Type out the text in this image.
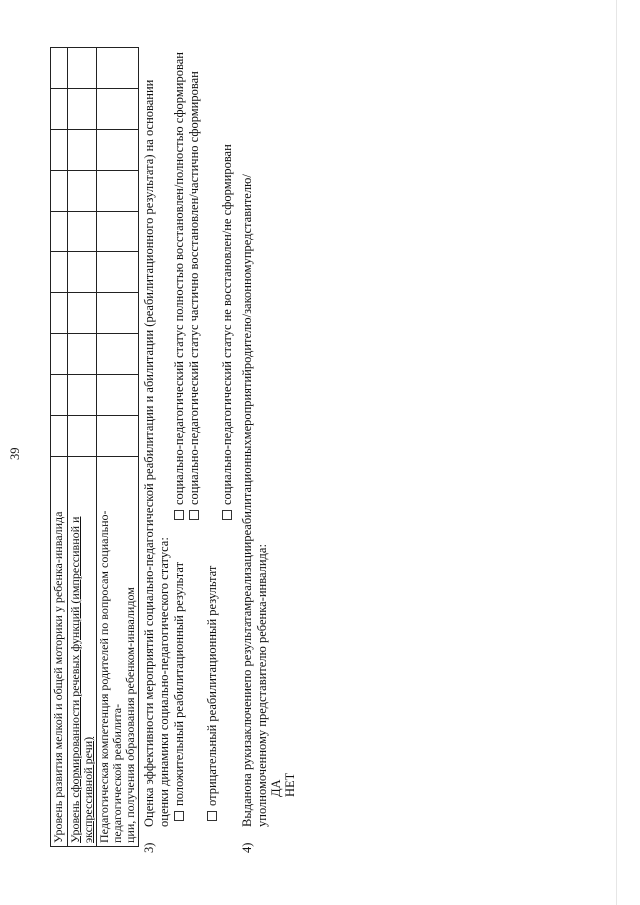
39
Уровень развития мелкой и общей моторики у ребенка-инвалида										
Уровень сформированности речевых функций (импрессивной и экспрессивной речи)										

Педагогическая компетенция родителей по вопросам социально-педагогической реабилита- ции, получения образования ребенком-инвалидом										

3)
Оценка эффективности мероприятий социально-педагогической реабилитации и абилитации (реабилитационного результата) на основании оценки динамики социально-педагогического статуса: положительный реабилитационный результат
социально-педагогический статус полностью восстановлен/полностью сформирован социально-педагогический статус частично восстановлен/частично сформирован
отрицательный реабилитационный результат
социально-педагогический статус не восстановлен/не сформирован
4)
Выдано
на руки
заключение
по результатам
реализации
реабилитационных
мероприятий
родителю/законному
представителю/
уполномоченному представителю ребенка-инвалида: ДА НЕТ
